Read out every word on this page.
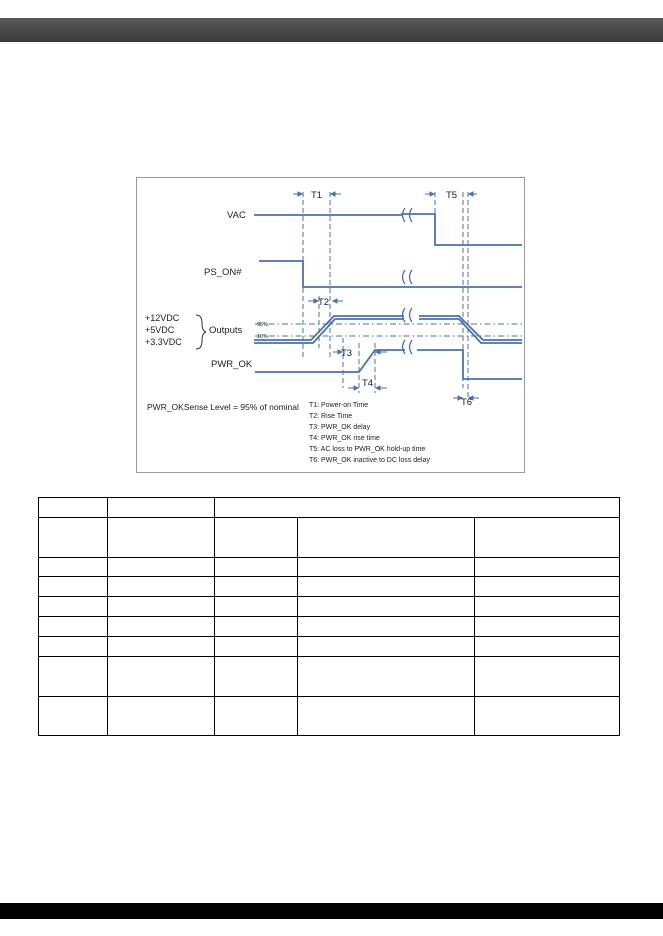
VAC
PS_ON#
+12VDC
+5VDC
+3.3VDC
Outputs
PWR_OK
95%
10%
T1
T2
T3
T4
T5
T6
PWR_OKSense Level = 95% of nominal T1: Power-on Time
T2: Rise Time
T3: PWR_OK delay
T4: PWR_OK rise time
T5: AC loss to PWR_OK hold-up time
T6: PWR_OK inactive to DC loss delay
